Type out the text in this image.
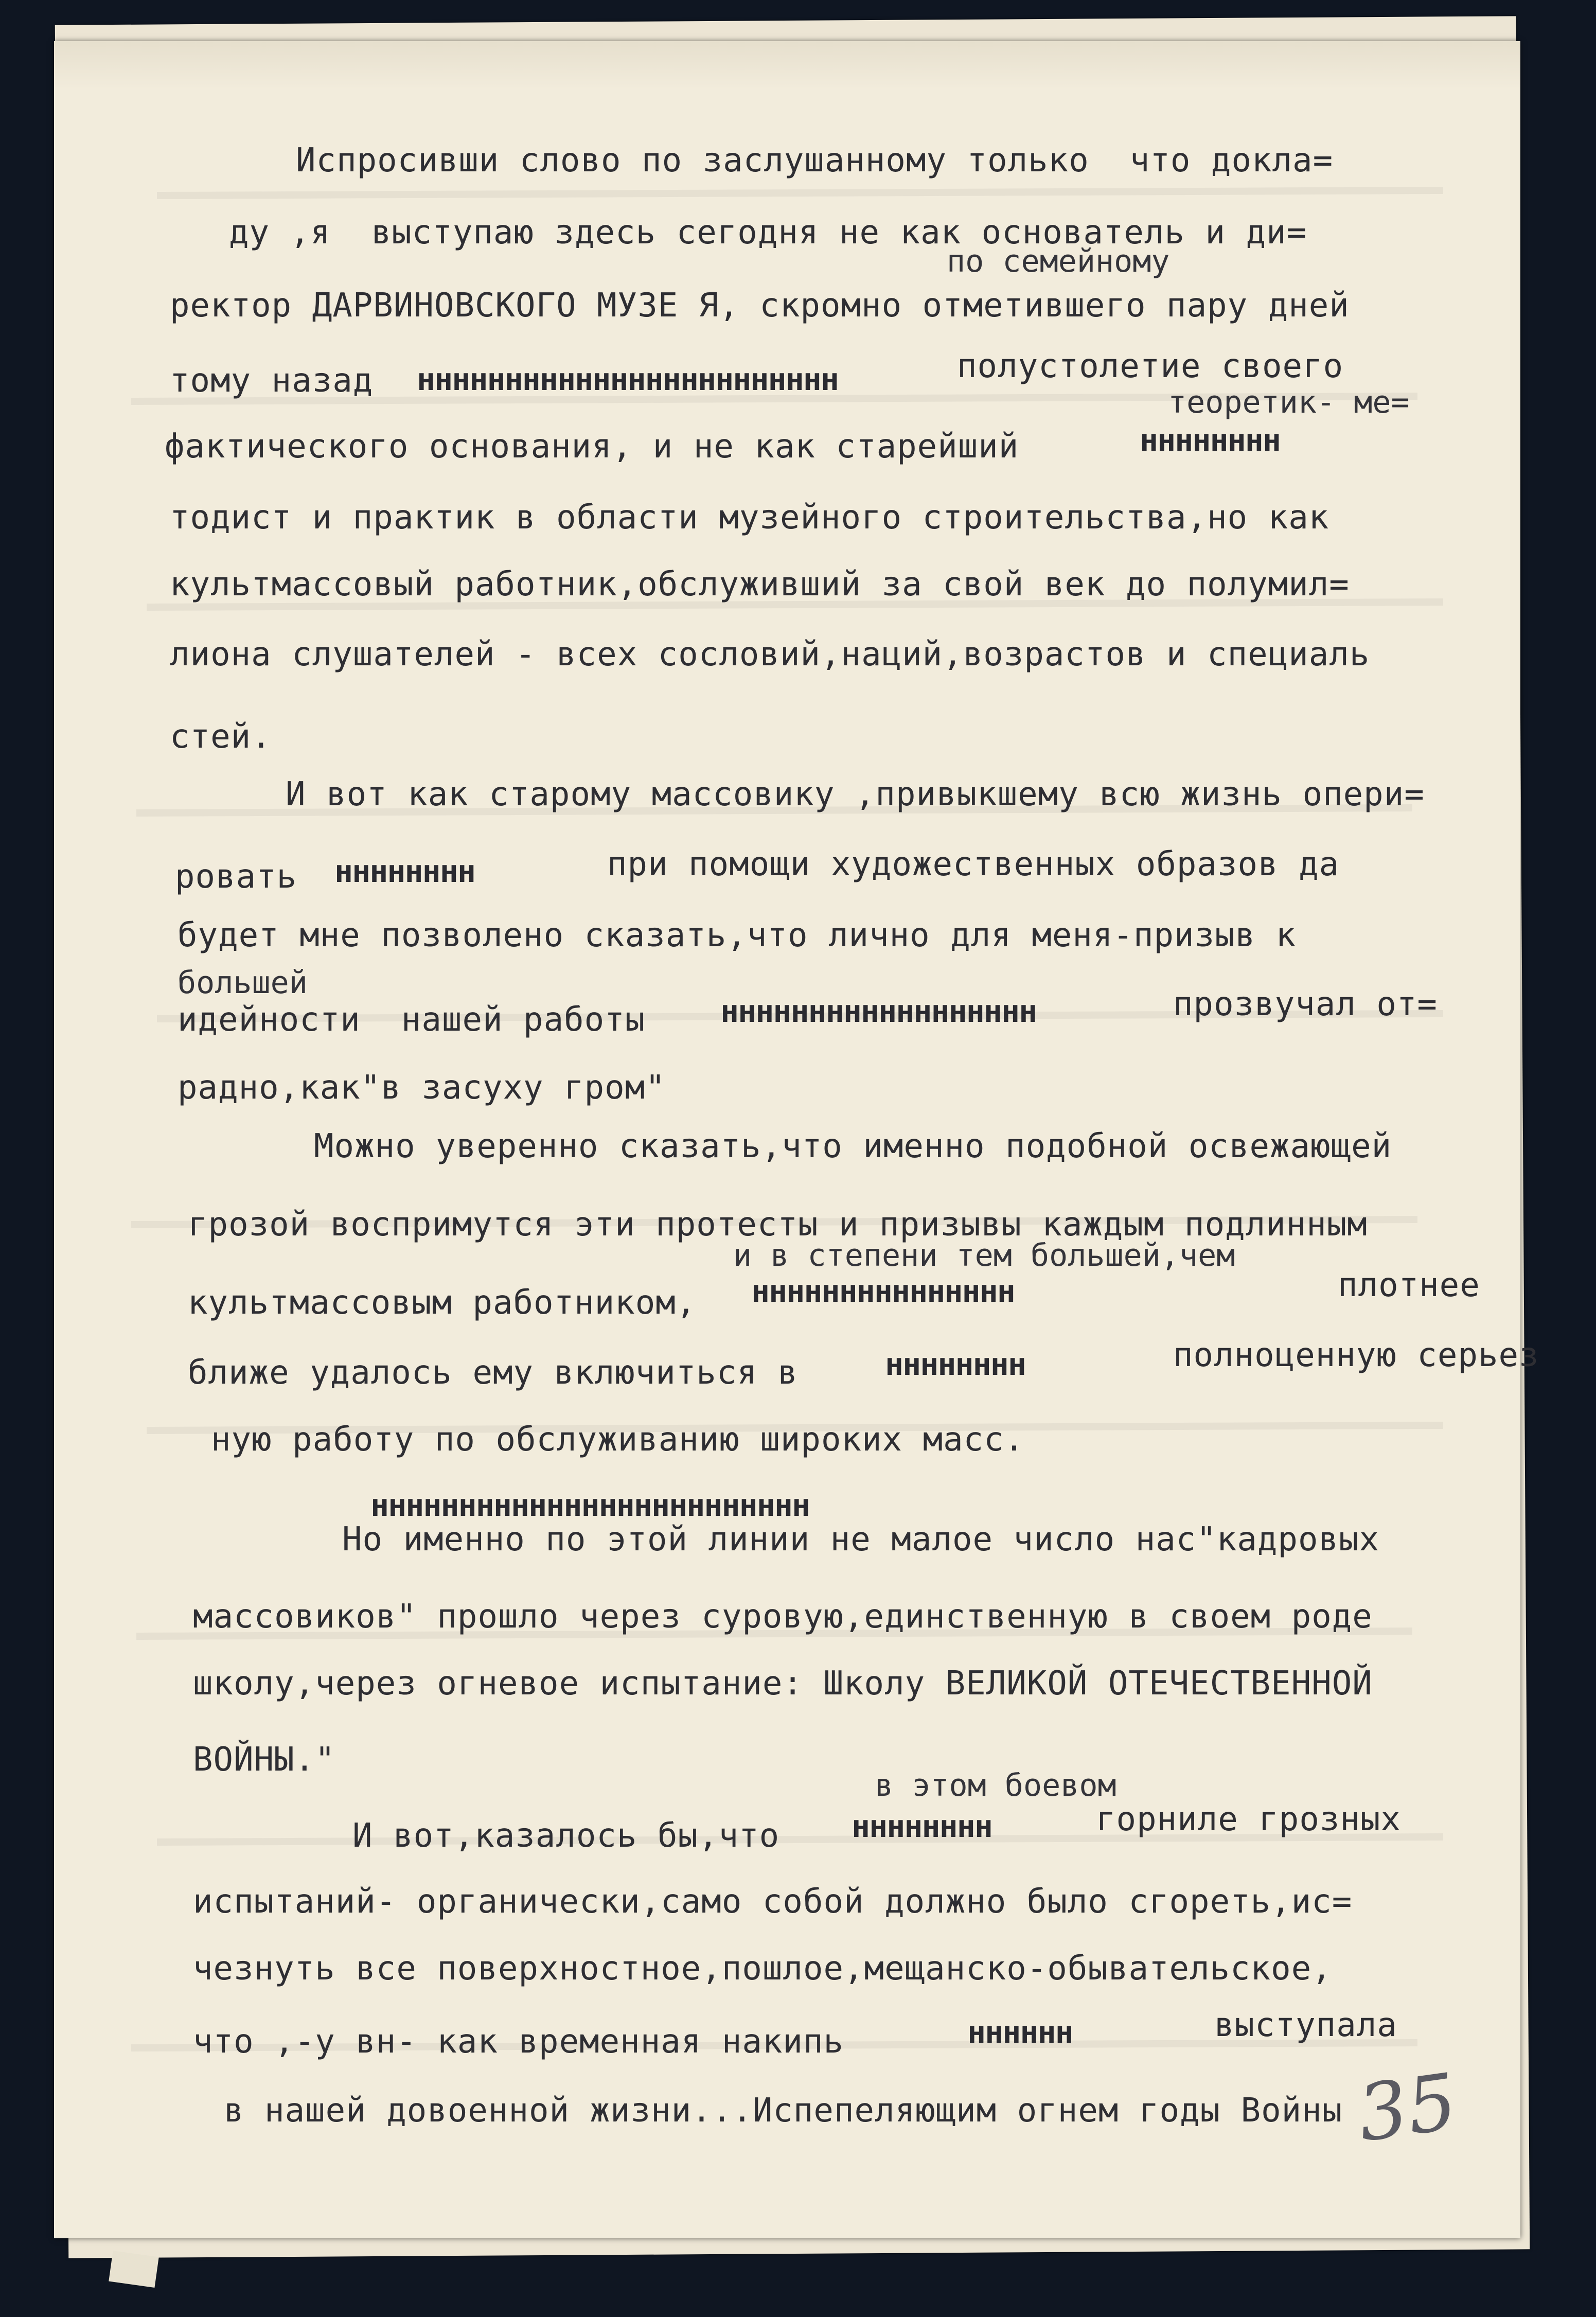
Испросивши слово по заслушанному только  что докла=
ду ,я  выступаю здесь сегодня не как основатель и ди=
по семейному
ректор ДАРВИНОВСКОГО МУЗЕ Я, скромно отметившего пару дней
тому назад нннннннннннннннннннннннн	полустолетие своего
теоретик- ме=
фактического основания, и не как старейший	нннннннн
тодист и практик в области музейного строительства,но как
культмассовый работник,обслуживший за свой век до полумил=
лиона слушателей - всех сословий,наций,возрастов и специаль
стей.
И вот как старому массовику ,привыкшему всю жизнь опери=
ровать нннннннн	при помощи художественных образов да
будет мне позволено сказать,что лично для меня-призыв к
большей
идейности  нашей работы нннннннннннннннннн	прозвучал от=
радно,как"в засуху гром"
Можно уверенно сказать,что именно подобной освежающей
грозой воспримутся эти протесты и призывы каждым подлинным
и в степени тем большей,чем
культмассовым работником, ннннннннннннннн	плотнее
ближе удалось ему включиться в	нннннннн	полноценную серьез
ную работу по обслуживанию широких масс.
ннннннннннннннннннннннннн
Но именно по этой линии не малое число нас"кадровых
массовиков" прошло через суровую,единственную в своем роде
школу,через огневое испытание: Школу ВЕЛИКОЙ ОТЕЧЕСТВЕННОЙ
ВОЙНЫ."
в этом боевом
И вот,казалось бы,что нннннннн	горниле грозных
испытаний- органически,само собой должно было сгореть,ис=
чезнуть все поверхностное,пошлое,мещанско-обывательское,
что ,-у вн- как временная накипь	нннннн	выступала
в нашей довоенной жизни...Испепеляющим огнем годы Войны 35
